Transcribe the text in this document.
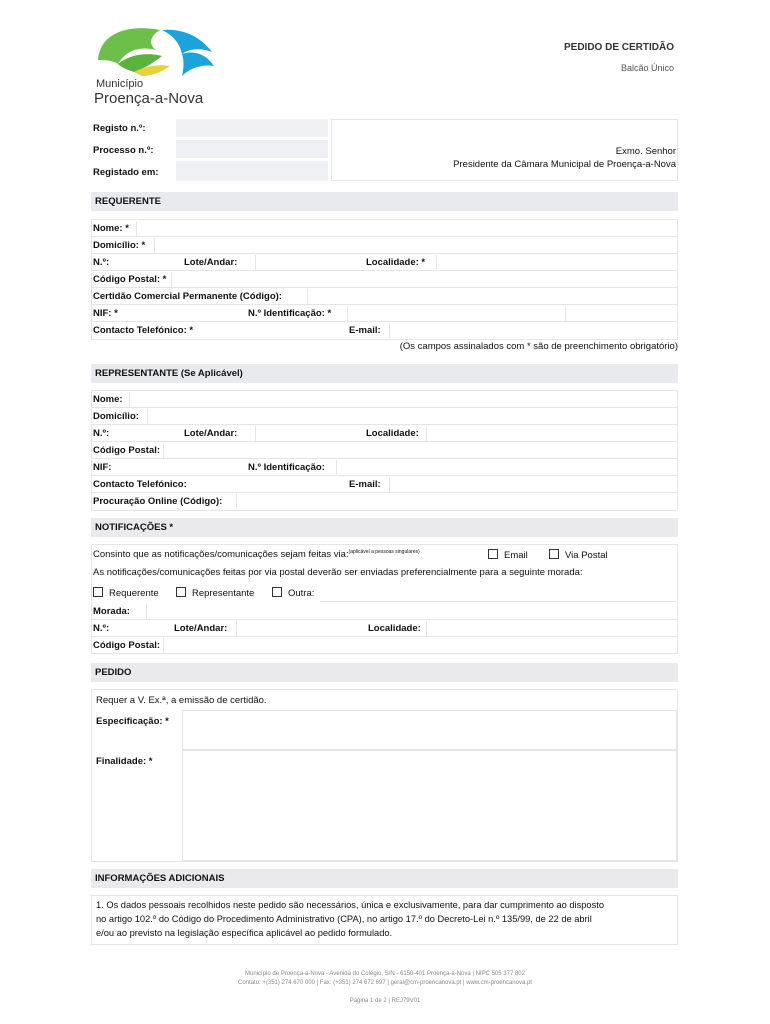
Município
Proença-a-Nova
PEDIDO DE CERTIDÃO
Balcão Único
Registo n.º:
Processo n.º:
Registado em:
Exmo. Senhor
Presidente da Câmara Municipal de Proença-a-Nova
REQUERENTE
Nome: *
Domicílio: *
N.º:	Lote/Andar:	Localidade: *
Código Postal: *
Certidão Comercial Permanente (Código):
NIF: *	N.º Identificação: *
Contacto Telefónico: *	E-mail:
(Os campos assinalados com * são de preenchimento obrigatório)
REPRESENTANTE (Se Aplicável)
Nome:
Domicílio:
N.º:	Lote/Andar:	Localidade:
Código Postal:
NIF:	N.º Identificação:
Contacto Telefónico:	E-mail:
Procuração Online (Código):
NOTIFICAÇÕES *
Consinto que as notificações/comunicações sejam feitas via:$^{(aplicável a pessoas singulares)}$	Email	Via Postal
As notificações/comunicações feitas por via postal deverão ser enviadas preferencialmente para a seguinte morada:
Requerente	Representante	Outra:
Morada:
N.º:	Lote/Andar:	Localidade:
Código Postal:
PEDIDO
Requer a V. Ex.ª, a emissão de certidão.
Especificação: *
Finalidade: *
INFORMAÇÕES ADICIONAIS
1. Os dados pessoais recolhidos neste pedido são necessários, única e exclusivamente, para dar cumprimento ao disposto
no artigo 102.º do Código do Procedimento Administrativo (CPA), no artigo 17.º do Decreto-Lei n.º 135/99, de 22 de abril
e/ou ao previsto na legislação específica aplicável ao pedido formulado.
Município de Proença-a-Nova - Avenida do Colégio, S/N - 6150-401 Proença-a-Nova | NIPC 505 377 802
Contato: +(351) 274 670 000 | Fax: (+351) 274 672 697 | geral@cm-proencanova.pt | www.cm-proencanova.pt
Página 1 de 2 | REJ79V01
